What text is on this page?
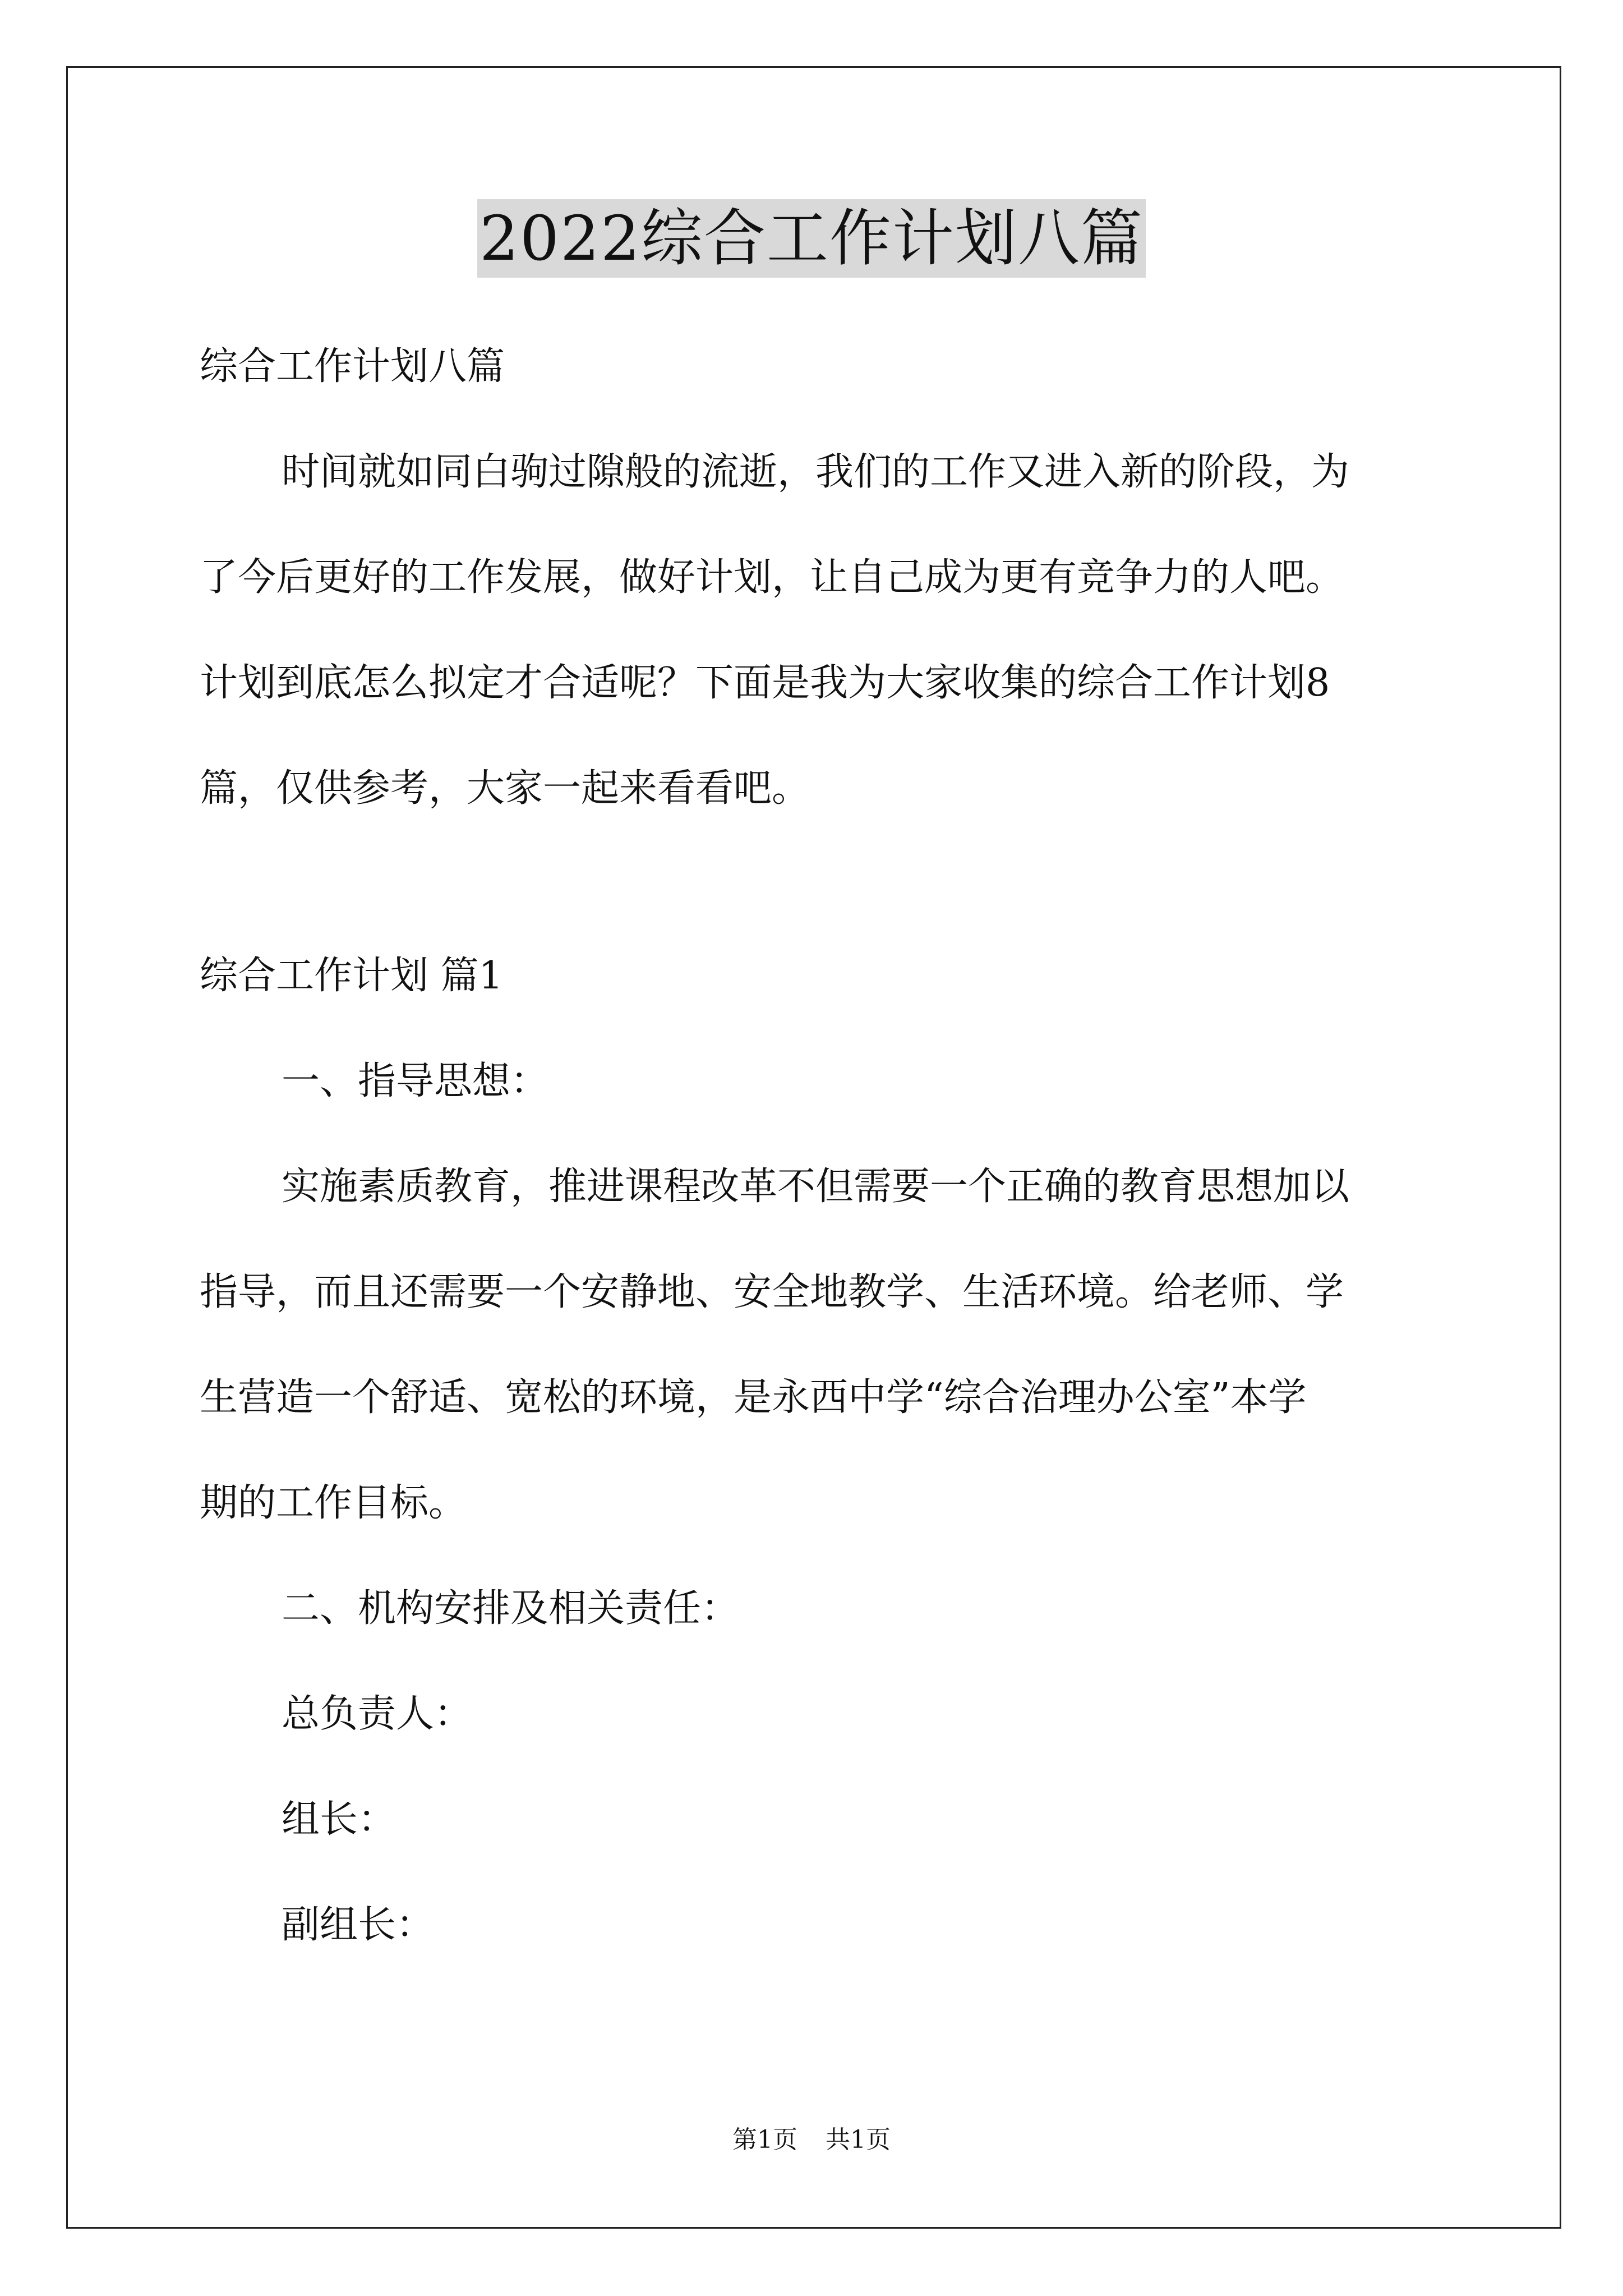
2022综合工作计划八篇

综合工作计划八篇

时间就如同白驹过隙般的流逝，我们的工作又进入新的阶段，为

了今后更好的工作发展，做好计划，让自己成为更有竞争力的人吧。

计划到底怎么拟定才合适呢？下面是我为大家收集的综合工作计划8

篇，仅供参考，大家一起来看看吧。

综合工作计划 篇1

一、指导思想：

实施素质教育，推进课程改革不但需要一个正确的教育思想加以

指导，而且还需要一个安静地、安全地教学、生活环境。给老师、学

生营造一个舒适、宽松的环境，是永西中学“综合治理办公室”本学

期的工作目标。

二、机构安排及相关责任：

总负责人：

组长：

副组长：

第1页 共1页
